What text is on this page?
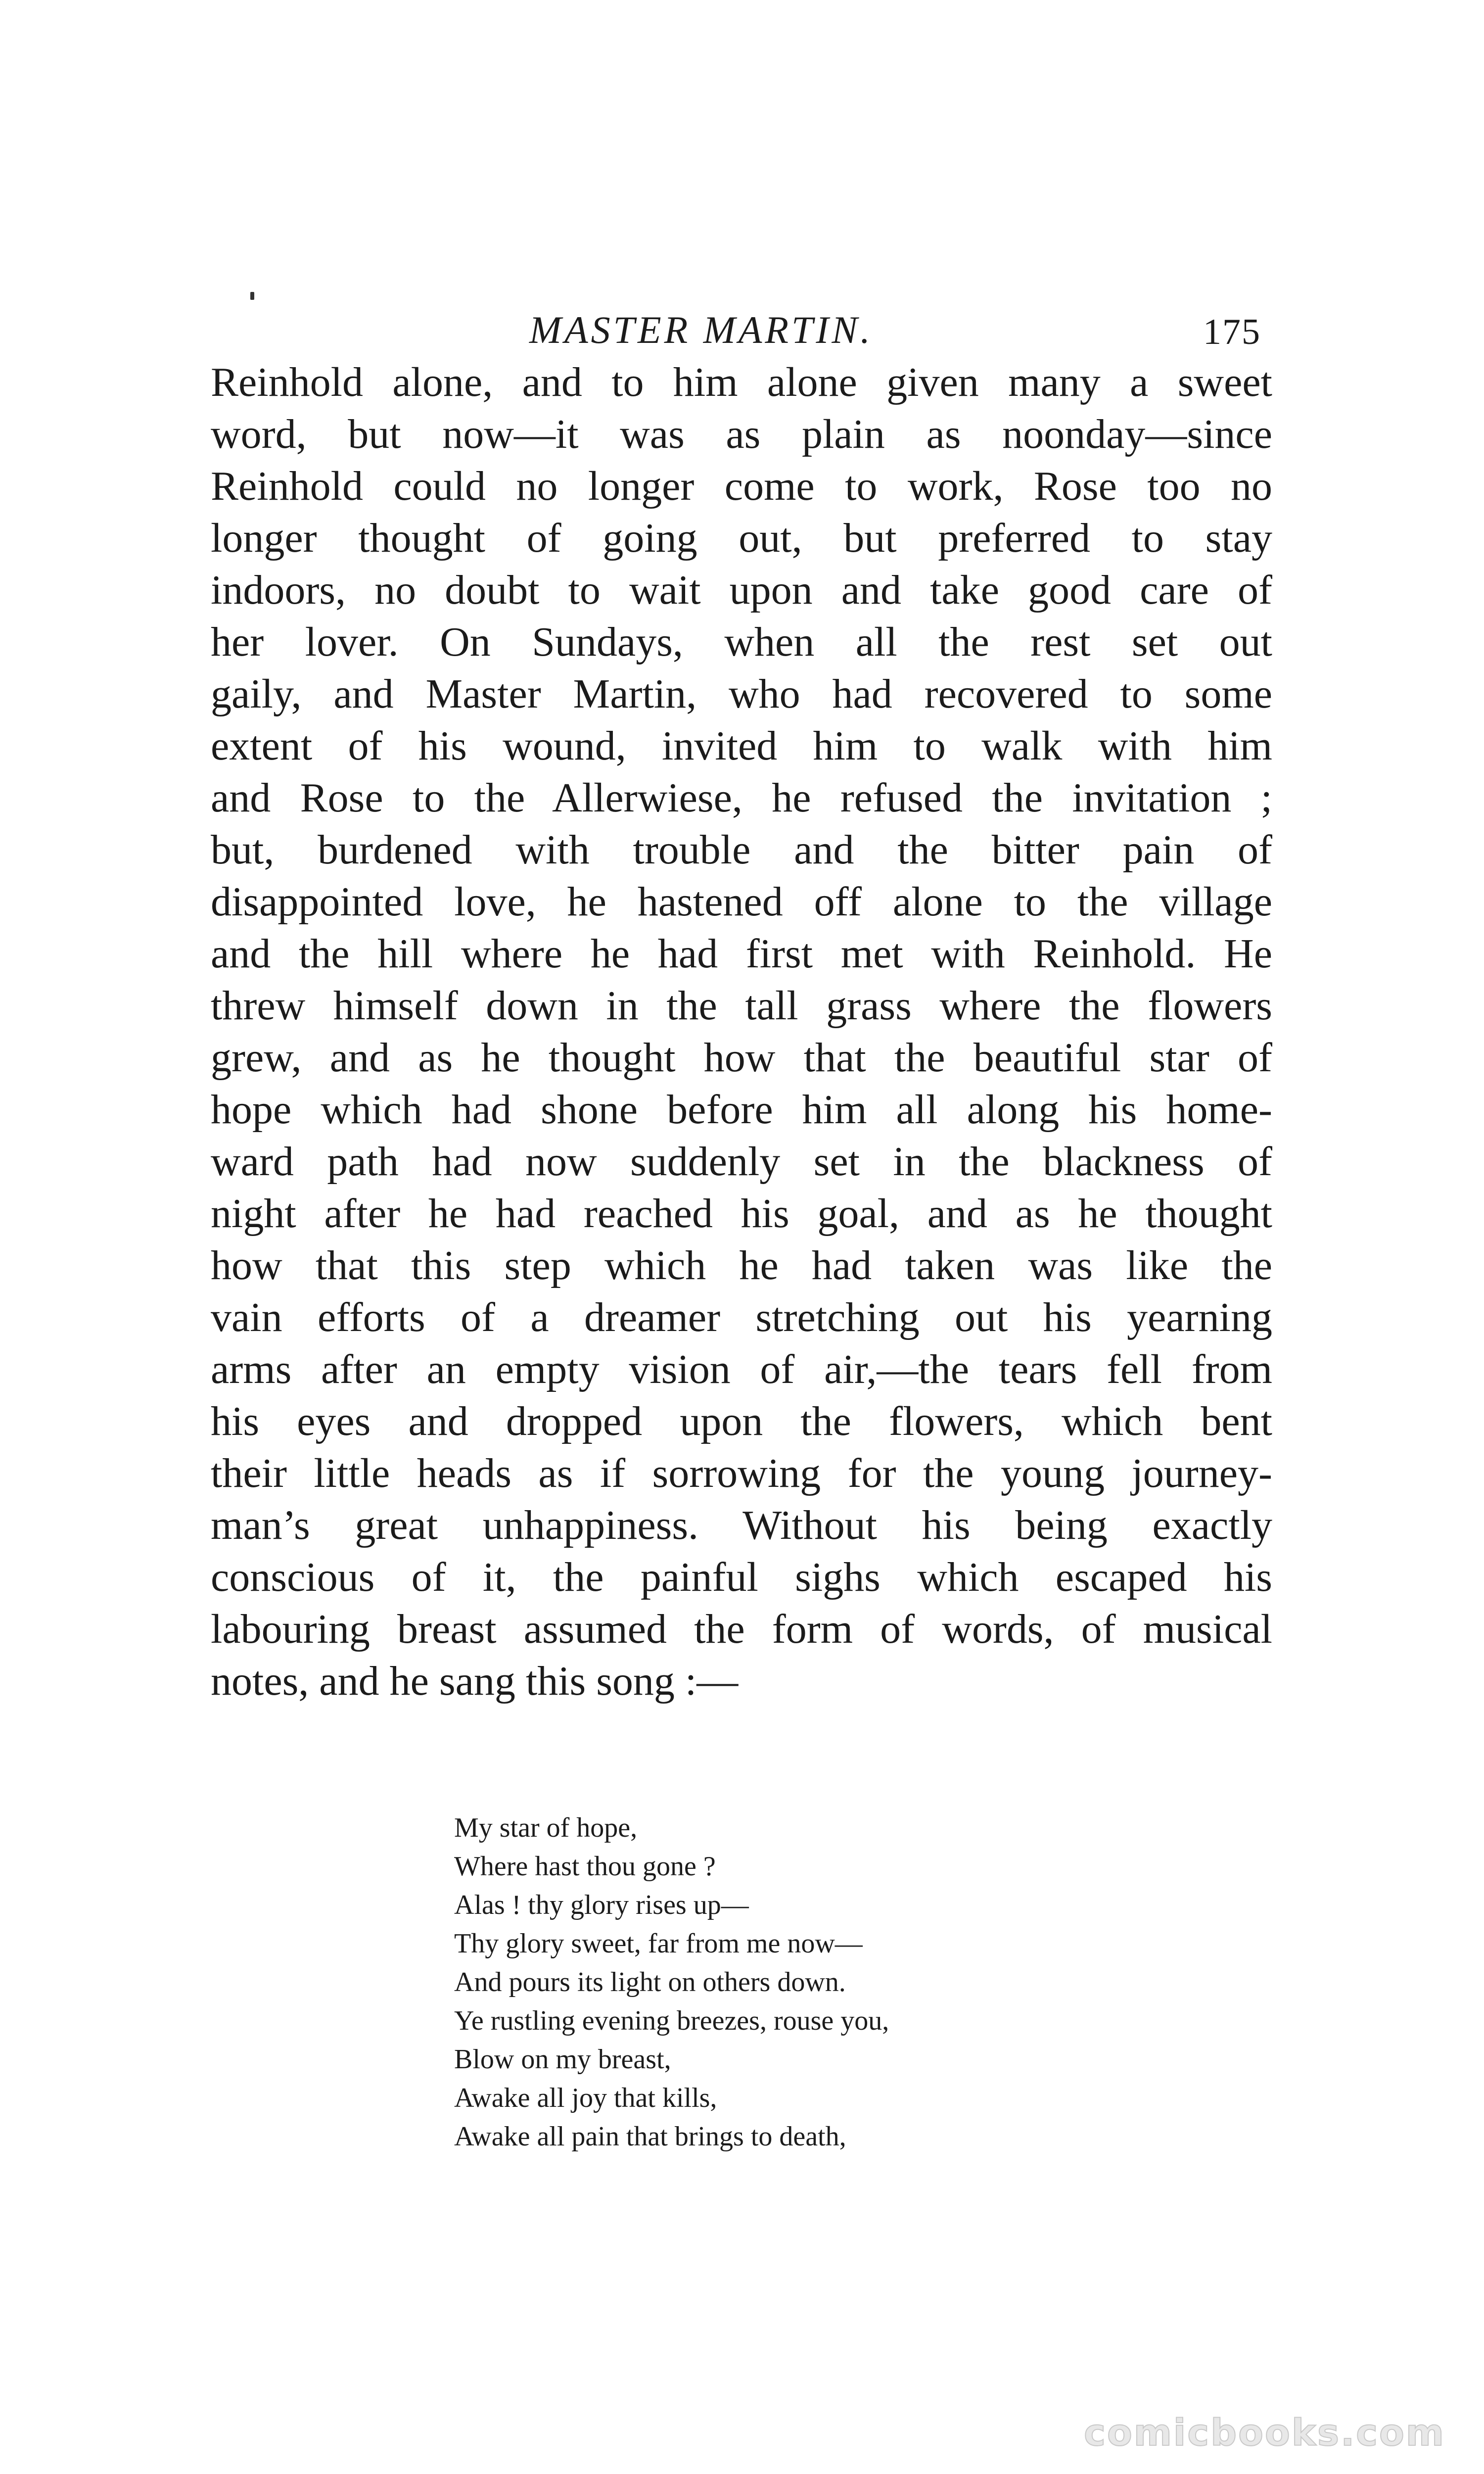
MASTER MARTIN.	175
Reinhold alone, and to him alone given many a sweet
word, but now—it was as plain as noonday—since
Reinhold could no longer come to work, Rose too no
longer thought of going out, but preferred to stay
indoors, no doubt to wait upon and take good care of
her lover. On Sundays, when all the rest set out
gaily, and Master Martin, who had recovered to some
extent of his wound, invited him to walk with him
and Rose to the Allerwiese, he refused the invitation ;
but, burdened with trouble and the bitter pain of
disappointed love, he hastened off alone to the village
and the hill where he had first met with Reinhold. He
threw himself down in the tall grass where the flowers
grew, and as he thought how that the beautiful star of
hope which had shone before him all along his home-
ward path had now suddenly set in the blackness of
night after he had reached his goal, and as he thought
how that this step which he had taken was like the
vain efforts of a dreamer stretching out his yearning
arms after an empty vision of air,—the tears fell from
his eyes and dropped upon the flowers, which bent
their little heads as if sorrowing for the young journey-
man’s great unhappiness. Without his being exactly
conscious of it, the painful sighs which escaped his
labouring breast assumed the form of words, of musical
notes, and he sang this song :—
My star of hope,
Where hast thou gone ?
Alas ! thy glory rises up—
Thy glory sweet, far from me now—
And pours its light on others down.
Ye rustling evening breezes, rouse you,
Blow on my breast,
Awake all joy that kills,
Awake all pain that brings to death,
comicbooks.com
